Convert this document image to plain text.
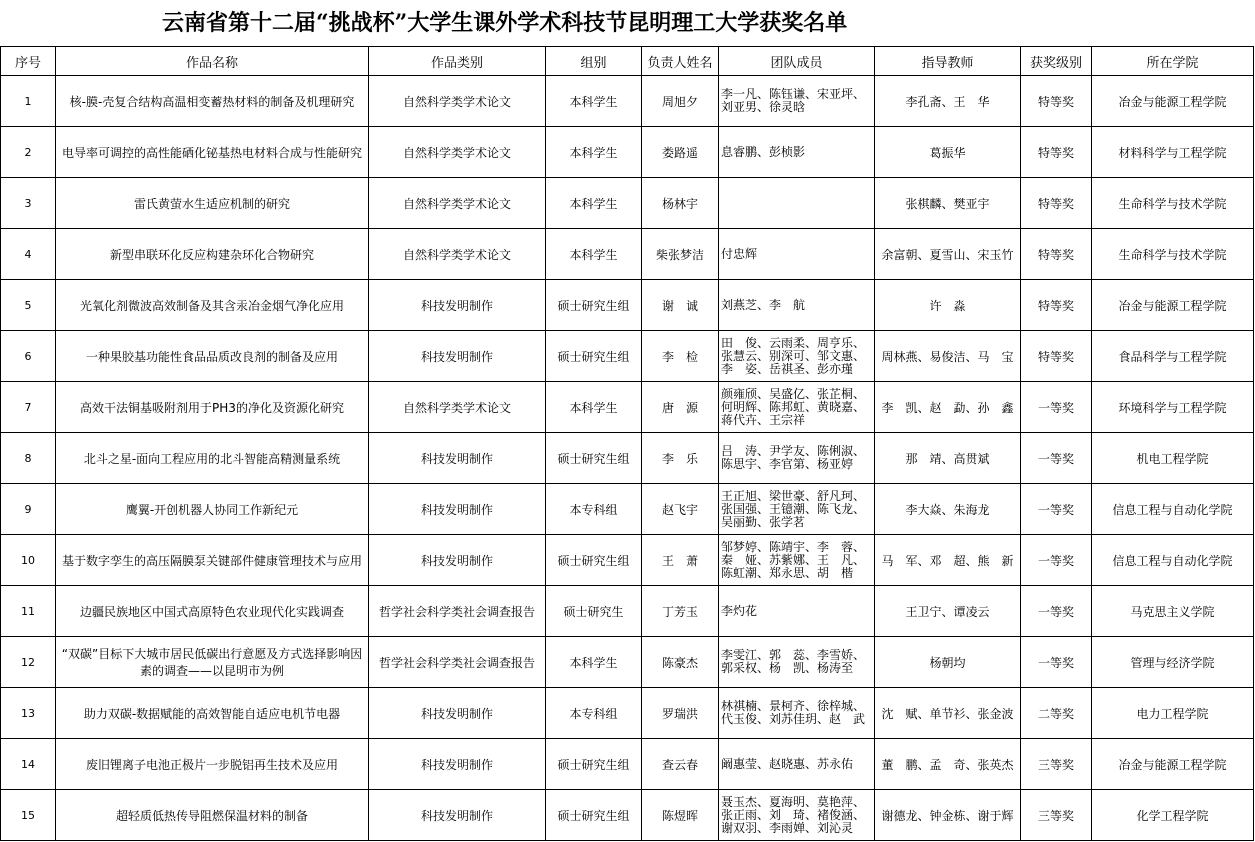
云南省第十二届“挑战杯”大学生课外学术科技节昆明理工大学获奖名单
序号	作品名称	作品类别	组别	负责人姓名	团队成员	指导教师	获奖级别	所在学院
1	核-膜-壳复合结构高温相变蓄热材料的制备及机理研究	自然科学类学术论文	本科学生	周旭夕	李一凡、陈钰谦、宋亚坪、
刘亚男、徐灵晗	李孔斋、王　华	特等奖	冶金与能源工程学院
2	电导率可调控的高性能硒化铋基热电材料合成与性能研究	自然科学类学术论文	本科学生	娄路遥	息睿鹏、彭桢影	葛振华	特等奖	材料科学与工程学院
3	雷氏黄萤水生适应机制的研究	自然科学类学术论文	本科学生	杨林宇		张棋麟、樊亚宇	特等奖	生命科学与技术学院
4	新型串联环化反应构建杂环化合物研究	自然科学类学术论文	本科学生	柴张梦洁	付忠辉	余富朝、夏雪山、宋玉竹	特等奖	生命科学与技术学院
5	光氧化剂微波高效制备及其含汞冶金烟气净化应用	科技发明制作	硕士研究生组	谢　诚	刘燕芝、李　航	许　淼	特等奖	冶金与能源工程学院
6	一种果胶基功能性食品品质改良剂的制备及应用	科技发明制作	硕士研究生组	李　检	田　俊、云雨柔、周亨乐、
张慧云、别深可、邹文惠、
李　姿、岳祺圣、彭亦瑾	周林燕、易俊洁、马　宝	特等奖	食品科学与工程学院
7	高效干法铜基吸附剂用于PH3的净化及资源化研究	自然科学类学术论文	本科学生	唐　源	颜雍颀、吴盛亿、张芷桐、
何明辉、陈邦虹、黄晓嘉、
蒋代卉、王宗祥	李　凯、赵　勐、孙　鑫	一等奖	环境科学与工程学院
8	北斗之星-面向工程应用的北斗智能高精测量系统	科技发明制作	硕士研究生组	李　乐	吕　涛、尹学友、陈俐淑、
陈思宇、李官第、杨亚婷	那　靖、高贯斌	一等奖	机电工程学院
9	鹰翼-开创机器人协同工作新纪元	科技发明制作	本专科组	赵飞宇	王正旭、梁世豪、舒凡珂、
张国强、王镱潮、陈飞龙、
吴丽勤、张学茗	李大焱、朱海龙	一等奖	信息工程与自动化学院
10	基于数字孪生的高压隔膜泵关键部件健康管理技术与应用	科技发明制作	硕士研究生组	王　萧	邹梦婷、陈靖宇、李　蓉、
秦　娅、苏紫娜、王　凡、
陈虹潮、郑永思、胡　楷	马　军、邓　超、熊　新	一等奖	信息工程与自动化学院
11	边疆民族地区中国式高原特色农业现代化实践调查	哲学社会科学类社会调查报告	硕士研究生	丁芳玉	李灼花	王卫宁、谭凌云	一等奖	马克思主义学院
12	“双碳”目标下大城市居民低碳出行意愿及方式选择影响因素的调查——以昆明市为例	哲学社会科学类社会调查报告	本科学生	陈豪杰	李雯江、郭　蕊、李雪娇、
郭采权、杨　凯、杨涛至	杨朝均	一等奖	管理与经济学院
13	助力双碳-数据赋能的高效智能自适应电机节电器	科技发明制作	本专科组	罗瑞洪	林祺楠、景柯齐、徐梓城、
代玉俊、刘苏佳玥、赵　武	沈　赋、单节衫、张金波	二等奖	电力工程学院
14	废旧锂离子电池正极片一步脱铝再生技术及应用	科技发明制作	硕士研究生组	查云春	阚惠莹、赵晓惠、苏永佑	董　鹏、孟　奇、张英杰	三等奖	冶金与能源工程学院
15	超轻质低热传导阻燃保温材料的制备	科技发明制作	硕士研究生组	陈煜晖	聂玉杰、夏海明、莫艳萍、
张正雨、刘　琦、褚俊涵、
谢双羽、李雨婵、刘沁灵	谢德龙、钟金栋、谢于辉	三等奖	化学工程学院
